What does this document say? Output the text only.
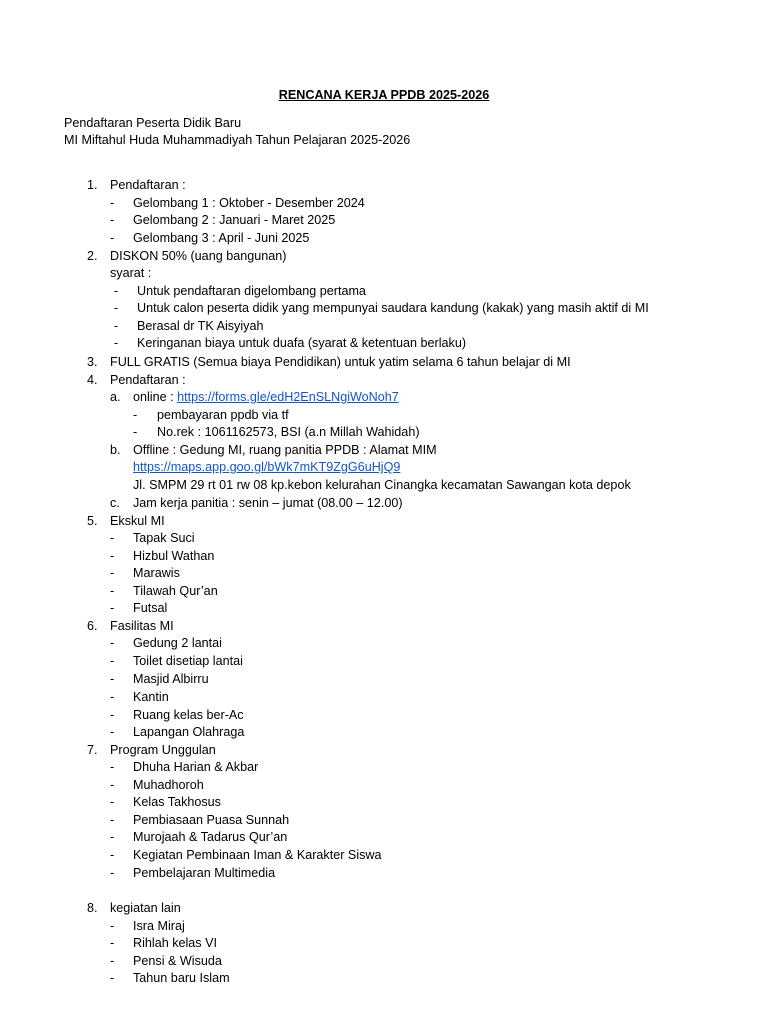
RENCANA KERJA PPDB 2025-2026
Pendaftaran Peserta Didik Baru
MI Miftahul Huda Muhammadiyah Tahun Pelajaran 2025-2026
1. Pendaftaran :
- Gelombang 1 : Oktober - Desember 2024
- Gelombang 2 : Januari - Maret 2025
- Gelombang 3 : April - Juni 2025
2. DISKON 50% (uang bangunan)
syarat :
- Untuk pendaftaran digelombang pertama
- Untuk calon peserta didik yang mempunyai saudara kandung (kakak) yang masih aktif di MI
- Berasal dr TK Aisyiyah
- Keringanan biaya untuk duafa (syarat & ketentuan berlaku)
3. FULL GRATIS (Semua biaya Pendidikan) untuk yatim selama 6 tahun belajar di MI
4. Pendaftaran :
a. online : https://forms.gle/edH2EnSLNgiWoNoh7
- pembayaran ppdb via tf
- No.rek : 1061162573, BSI (a.n Millah Wahidah)
b. Offline : Gedung MI, ruang panitia PPDB : Alamat MIM
https://maps.app.goo.gl/bWk7mKT9ZgG6uHjQ9
Jl. SMPM 29 rt 01 rw 08 kp.kebon kelurahan Cinangka kecamatan Sawangan kota depok
c. Jam kerja panitia : senin – jumat (08.00 – 12.00)
5. Ekskul MI
- Tapak Suci
- Hizbul Wathan
- Marawis
- Tilawah Qur’an
- Futsal
6. Fasilitas MI
- Gedung 2 lantai
- Toilet disetiap lantai
- Masjid Albirru
- Kantin
- Ruang kelas ber-Ac
- Lapangan Olahraga
7. Program Unggulan
- Dhuha Harian & Akbar
- Muhadhoroh
- Kelas Takhosus
- Pembiasaan Puasa Sunnah
- Murojaah & Tadarus Qur’an
- Kegiatan Pembinaan Iman & Karakter Siswa
- Pembelajaran Multimedia
8. kegiatan lain
- Isra Miraj
- Rihlah kelas VI
- Pensi & Wisuda
- Tahun baru Islam
